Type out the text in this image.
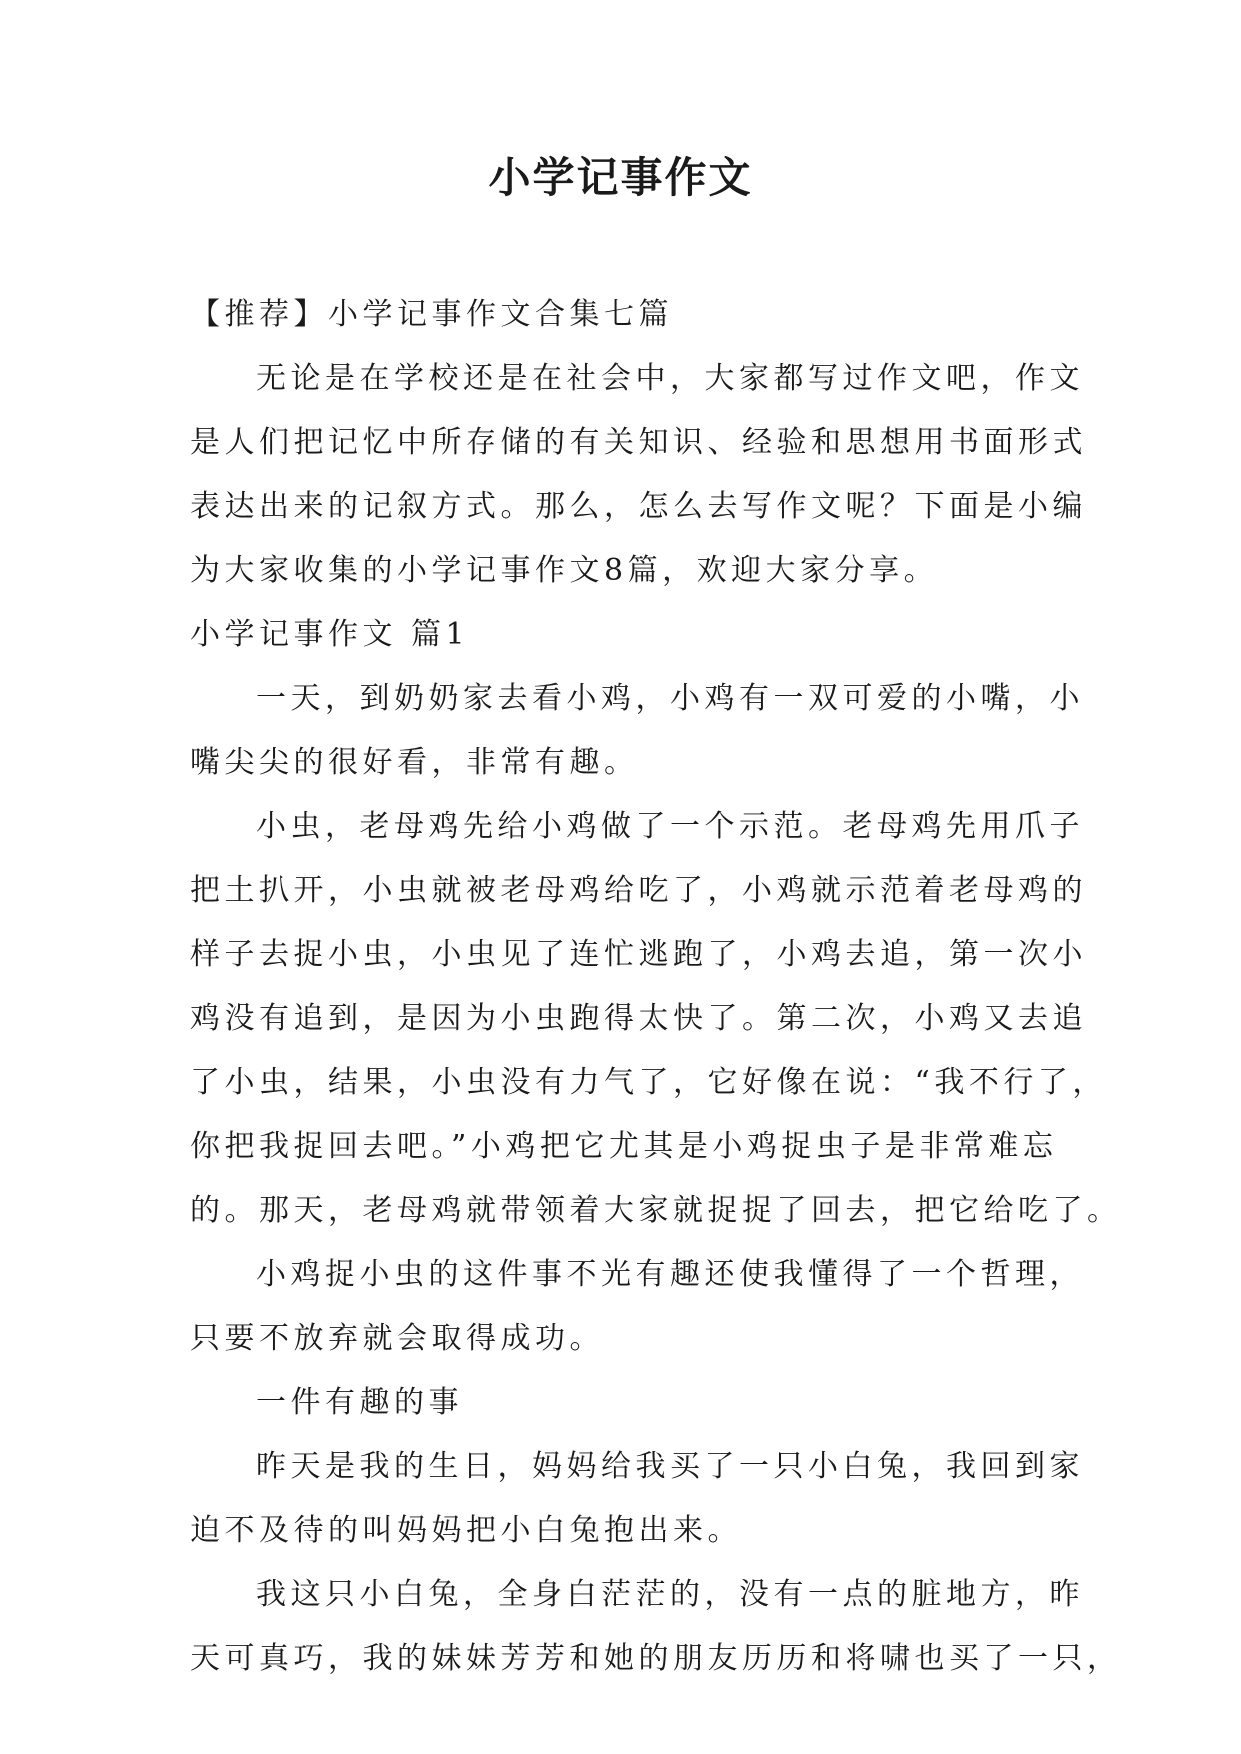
小学记事作文
【推荐】小学记事作文合集七篇
无论是在学校还是在社会中，大家都写过作文吧，作文
是人们把记忆中所存储的有关知识、经验和思想用书面形式
表达出来的记叙方式。那么，怎么去写作文呢？下面是小编
为大家收集的小学记事作文8篇，欢迎大家分享。
小学记事作文 篇1
一天，到奶奶家去看小鸡，小鸡有一双可爱的小嘴，小
嘴尖尖的很好看，非常有趣。
小虫，老母鸡先给小鸡做了一个示范。老母鸡先用爪子
把土扒开，小虫就被老母鸡给吃了，小鸡就示范着老母鸡的
样子去捉小虫，小虫见了连忙逃跑了，小鸡去追，第一次小
鸡没有追到，是因为小虫跑得太快了。第二次，小鸡又去追
了小虫，结果，小虫没有力气了，它好像在说：“我不行了，
你把我捉回去吧。”小鸡把它尤其是小鸡捉虫子是非常难忘
的。那天，老母鸡就带领着大家就捉捉了回去，把它给吃了。
小鸡捉小虫的这件事不光有趣还使我懂得了一个哲理，
只要不放弃就会取得成功。
一件有趣的事
昨天是我的生日，妈妈给我买了一只小白兔，我回到家
迫不及待的叫妈妈把小白兔抱出来。
我这只小白兔，全身白茫茫的，没有一点的脏地方，昨
天可真巧，我的妹妹芳芳和她的朋友历历和将啸也买了一只，
